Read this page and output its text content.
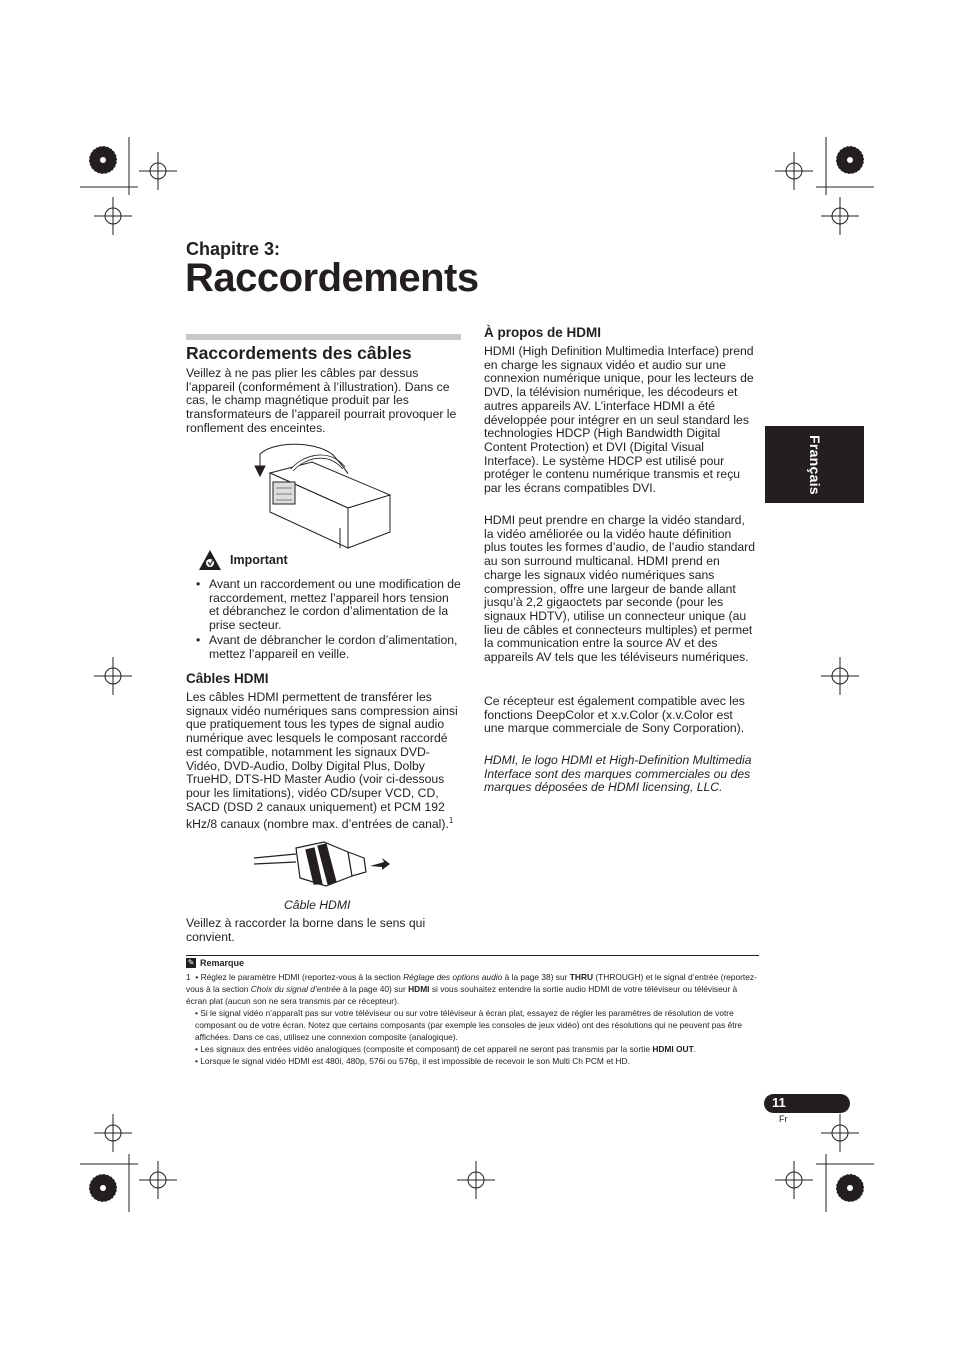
Chapitre 3:
Raccordements
Raccordements des câbles

Veillez à ne pas plier les câbles par dessus l’appareil (conformément à l’illustration). Dans ce cas, le champ magnétique produit par les transformateurs de l’appareil pourrait provoquer le ronflement des enceintes.

Important
• Avant un raccordement ou une modification de raccordement, mettez l’appareil hors tension et débranchez le cordon d’alimentation de la prise secteur.
• Avant de débrancher le cordon d’alimentation, mettez l’appareil en veille.
Câbles HDMI

Les câbles HDMI permettent de transférer les signaux vidéo numériques sans compression ainsi que pratiquement tous les types de signal audio numérique avec lesquels le composant raccordé est compatible, notamment les signaux DVD-Vidéo, DVD-Audio, Dolby Digital Plus, Dolby TrueHD, DTS-HD Master Audio (voir ci-dessous pour les limitations), vidéo CD/super VCD, CD, SACD (DSD 2 canaux uniquement) et PCM 192 kHz/8 canaux (nombre max. d’entrées de canal).$^1$

Câble HDMI

Veillez à raccorder la borne dans le sens qui convient.

À propos de HDMI

HDMI (High Definition Multimedia Interface) prend en charge les signaux vidéo et audio sur une connexion numérique unique, pour les lecteurs de DVD, la télévision numérique, les décodeurs et autres appareils AV. L’interface HDMI a été développée pour intégrer en un seul standard les technologies HDCP (High Bandwidth Digital Content Protection) et DVI (Digital Visual Interface). Le système HDCP est utilisé pour protéger le contenu numérique transmis et reçu par les écrans compatibles DVI.

HDMI peut prendre en charge la vidéo standard, la vidéo améliorée ou la vidéo haute définition plus toutes les formes d’audio, de l’audio standard au son surround multicanal. HDMI prend en charge les signaux vidéo numériques sans compression, offre une largeur de bande allant jusqu’à 2,2 gigaoctets par seconde (pour les signaux HDTV), utilise un connecteur unique (au lieu de câbles et connecteurs multiples) et permet la communication entre la source AV et des appareils AV tels que les téléviseurs numériques.

Ce récepteur est également compatible avec les fonctions DeepColor et x.v.Color (x.v.Color est une marque commerciale de Sony Corporation).

HDMI, le logo HDMI et High-Definition Multimedia Interface sont des marques commerciales ou des marques déposées de HDMI licensing, LLC.

Français
✎ Remarque

1  • Réglez le paramètre HDMI (reportez-vous à la section Réglage des options audio à la page 38) sur THRU (THROUGH) et le signal d’entrée (reportez-vous à la section Choix du signal d’entrée à la page 40) sur HDMI si vous souhaitez entendre la sortie audio HDMI de votre téléviseur ou téléviseur à écran plat (aucun son ne sera transmis par ce récepteur).

• Si le signal vidéo n’apparaît pas sur votre téléviseur ou sur votre téléviseur à écran plat, essayez de régler les paramètres de résolution de votre composant ou de votre écran. Notez que certains composants (par exemple les consoles de jeux vidéo) ont des résolutions qui ne peuvent pas être affichées. Dans ce cas, utilisez une connexion composite (analogique).

• Les signaux des entrées vidéo analogiques (composite et composant) de cet appareil ne seront pas transmis par la sortie HDMI OUT.

• Lorsque le signal vidéo HDMI est 480i, 480p, 576i ou 576p, il est impossible de recevoir le son Multi Ch PCM et HD.

11
Fr
